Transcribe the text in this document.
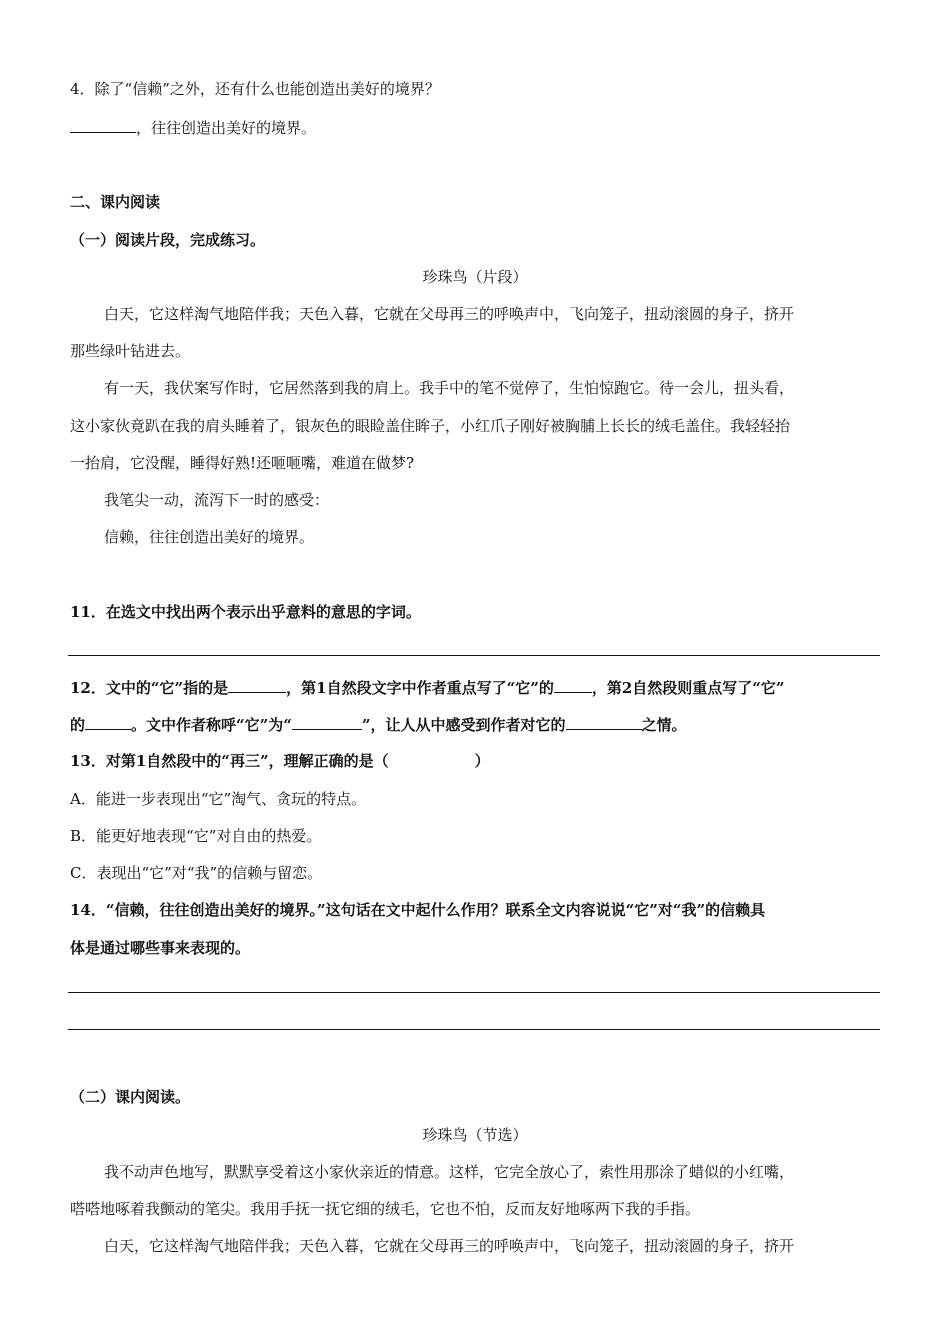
4．除了“信赖”之外，还有什么也能创造出美好的境界？
，往往创造出美好的境界。
二、课内阅读
（一）阅读片段，完成练习。
珍珠鸟（片段）
白天，它这样淘气地陪伴我；天色入暮，它就在父母再三的呼唤声中，飞向笼子，扭动滚圆的身子，挤开
那些绿叶钻进去。
有一天，我伏案写作时，它居然落到我的肩上。我手中的笔不觉停了，生怕惊跑它。待一会儿，扭头看，
这小家伙竟趴在我的肩头睡着了，银灰色的眼睑盖住眸子，小红爪子刚好被胸脯上长长的绒毛盖住。我轻轻抬
一抬肩，它没醒，睡得好熟!还咂咂嘴，难道在做梦?
我笔尖一动，流泻下一时的感受：
信赖，往往创造出美好的境界。
11．在选文中找出两个表示出乎意料的意思的字词。
12．文中的“它”指的是	，第1自然段文字中作者重点写了“它”的	，第2自然段则重点写了“它”
的	。文中作者称呼“它”为“	”，让人从中感受到作者对它的	之情。
13．对第1自然段中的“再三”，理解正确的是（	）
A．能进一步表现出“它”淘气、贪玩的特点。
B．能更好地表现“它”对自由的热爱。
C．表现出“它”对“我”的信赖与留恋。
14．“信赖，往往创造出美好的境界。”这句话在文中起什么作用？联系全文内容说说“它”对“我”的信赖具
体是通过哪些事来表现的。
（二）课内阅读。
珍珠鸟（节选）
我不动声色地写，默默享受着这小家伙亲近的情意。这样，它完全放心了，索性用那涂了蜡似的小红嘴，
嗒嗒地啄着我颤动的笔尖。我用手抚一抚它细的绒毛，它也不怕，反而友好地啄两下我的手指。
白天，它这样淘气地陪伴我；天色入暮，它就在父母再三的呼唤声中，飞向笼子，扭动滚圆的身子，挤开
